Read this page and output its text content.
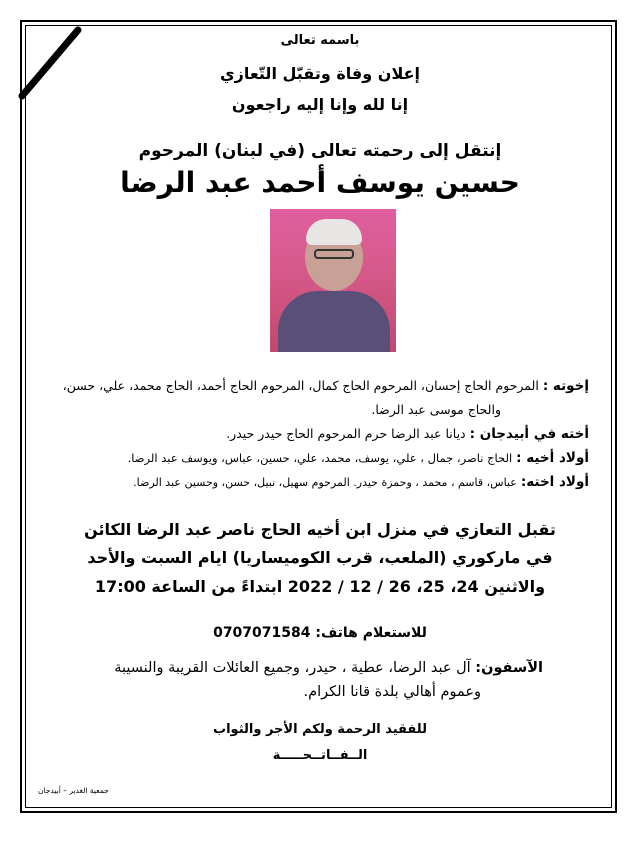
باسمه تعالى
إعلان وفاة وتقبّل التّعازي
إنا لله وإنا إليه راجعون
إنتقل إلى رحمته تعالى (في لبنان) المرحوم
حسين يوسف أحمد عبد الرضا
إخوته : المرحوم الحاج إحسان، المرحوم الحاج كمال، المرحوم الحاج أحمد، الحاج محمد، علي، حسن،
والحاج موسى عبد الرضا.
أخته في أبيدجان : ديانا عبد الرضا حرم المرحوم الحاج حيدر حيدر.
أولاد أخيه : الحاج ناصر، جمال ، علي، يوسف، محمد، علي، حسين، عباس، ويوسف عبد الرضا.
أولاد اخته: عباس، قاسم ، محمد ، وحمزة حيدر. المرحوم سهيل، نبيل، حسن، وحسين عبد الرضا.
تقبل التعازي في منزل ابن أخيه الحاج ناصر عبد الرضا الكائن
في ماركوري (الملعب، قرب الكوميساريا) ايام السبت والأحد
والاثنين 24، 25، 26 / 12 / 2022 ابتداءً من الساعة 17:00
للاستعلام هاتف: 0707071584
الآسفون: آل عبد الرضا، عطية ، حيدر، وجميع العائلات القريبة والنسيبة
وعموم أهالي بلدة قانا الكرام.
للفقيد الرحمة ولكم الأجر والثواب
الــفــاتــحـــــة
جمعية الغدير – أبيدجان
